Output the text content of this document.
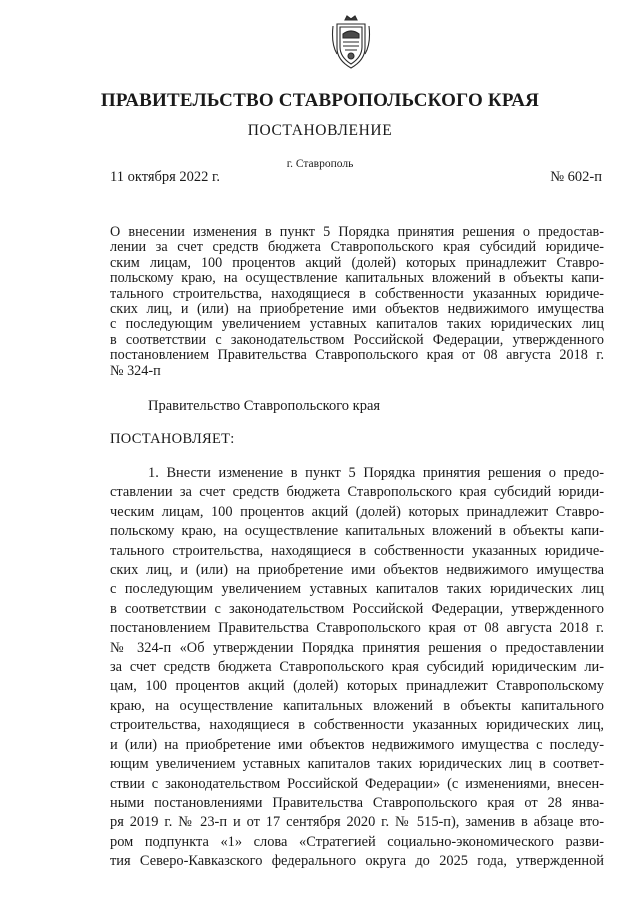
ПРАВИТЕЛЬСТВО СТАВРОПОЛЬСКОГО КРАЯ
ПОСТАНОВЛЕНИЕ
г. Ставрополь
11 октября 2022 г.	№ 602-п
О внесении изменения в пункт 5 Порядка принятия решения о предостав-
лении за счет средств бюджета Ставропольского края субсидий юридиче-
ским лицам, 100 процентов акций (долей) которых принадлежит Ставро-
польскому краю, на осуществление капитальных вложений в объекты капи-
тального строительства, находящиеся в собственности указанных юридиче-
ских лиц, и (или) на приобретение ими объектов недвижимого имущества
с последующим увеличением уставных капиталов таких юридических лиц
в соответствии с законодательством Российской Федерации, утвержденного
постановлением Правительства Ставропольского края от 08 августа 2018 г.
№ 324-п
Правительство Ставропольского края
ПОСТАНОВЛЯЕТ:
1. Внести изменение в пункт 5 Порядка принятия решения о предо-
ставлении за счет средств бюджета Ставропольского края субсидий юриди-
ческим лицам, 100 процентов акций (долей) которых принадлежит Ставро-
польскому краю, на осуществление капитальных вложений в объекты капи-
тального строительства, находящиеся в собственности указанных юридиче-
ских лиц, и (или) на приобретение ими объектов недвижимого имущества
с последующим увеличением уставных капиталов таких юридических лиц
в соответствии с законодательством Российской Федерации, утвержденного
постановлением Правительства Ставропольского края от 08 августа 2018 г.
№ 324-п «Об утверждении Порядка принятия решения о предоставлении
за счет средств бюджета Ставропольского края субсидий юридическим ли-
цам, 100 процентов акций (долей) которых принадлежит Ставропольскому
краю, на осуществление капитальных вложений в объекты капитального
строительства, находящиеся в собственности указанных юридических лиц,
и (или) на приобретение ими объектов недвижимого имущества с последу-
ющим увеличением уставных капиталов таких юридических лиц в соответ-
ствии с законодательством Российской Федерации» (с изменениями, внесен-
ными постановлениями Правительства Ставропольского края от 28 янва-
ря 2019 г. № 23-п и от 17 сентября 2020 г. № 515-п), заменив в абзаце вто-
ром подпункта «1» слова «Стратегией социально-экономического разви-
тия Северо-Кавказского федерального округа до 2025 года, утвержденной
